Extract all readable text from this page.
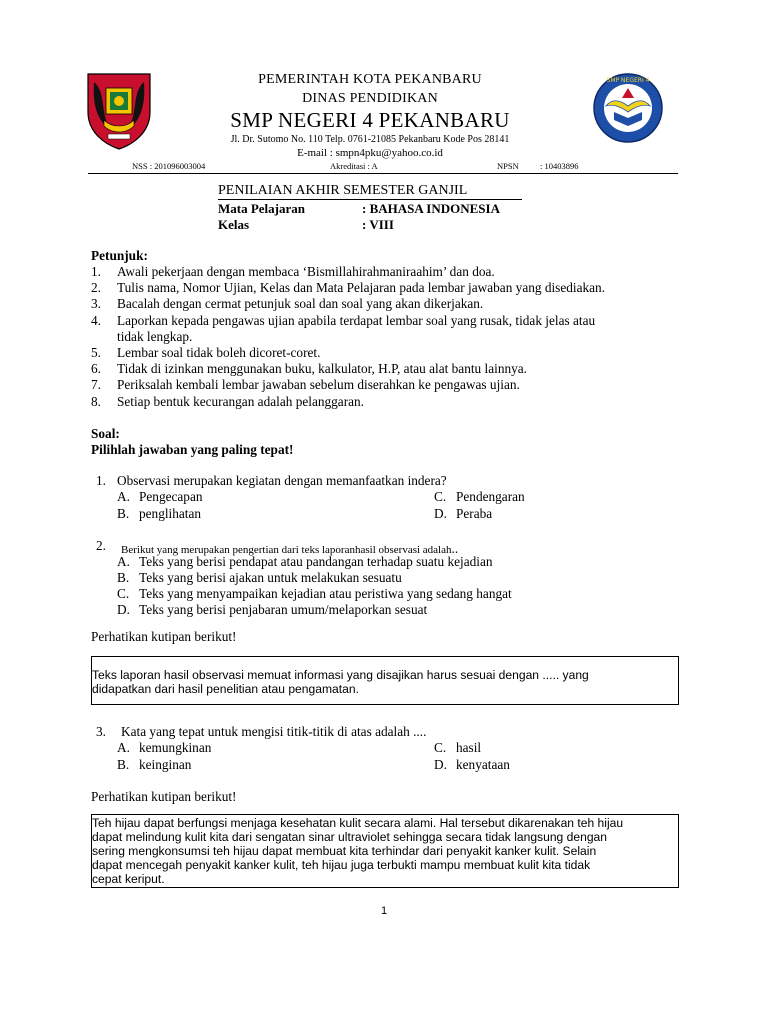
SMP NEGERI 4
PEMERINTAH KOTA PEKANBARU
DINAS PENDIDIKAN
SMP NEGERI 4 PEKANBARU
Jl. Dr. Sutomo No. 110 Telp. 0761-21085 Pekanbaru Kode Pos 28141
E-mail : smpn4pku@yahoo.co.id
NSS : 201096003004	Akreditasi : A	NPSN	: 10403896
PENILAIAN AKHIR SEMESTER GANJIL
Mata Pelajaran	: BAHASA INDONESIA
Kelas	: VIII
Petunjuk:
1. Awali pekerjaan dengan membaca ‘Bismillahirahmaniraahim’ dan doa.
2. Tulis nama, Nomor Ujian, Kelas dan Mata Pelajaran pada lembar jawaban yang disediakan.
3. Bacalah dengan cermat petunjuk soal dan soal yang akan dikerjakan.
4. Laporkan kepada pengawas ujian apabila terdapat lembar soal yang rusak, tidak jelas atau
tidak lengkap.
5. Lembar soal tidak boleh dicoret-coret.
6. Tidak di izinkan menggunakan buku, kalkulator, H.P, atau alat bantu lainnya.
7. Periksalah kembali lembar jawaban sebelum diserahkan ke pengawas ujian.
8. Setiap bentuk kecurangan adalah pelanggaran.
Soal:
Pilihlah jawaban yang paling tepat!
1. Observasi merupakan kegiatan dengan memanfaatkan indera?
A. Pengecapan
B. penglihatan
C. Pendengaran
D. Peraba
2. Berikut yang merupakan pengertian dari teks laporanhasil observasi adalah..
A. Teks yang berisi pendapat atau pandangan terhadap suatu kejadian
B. Teks yang berisi ajakan untuk melakukan sesuatu
C. Teks yang menyampaikan kejadian atau peristiwa yang sedang hangat
D. Teks yang berisi penjabaran umum/melaporkan sesuat
Perhatikan kutipan berikut!
Teks laporan hasil observasi memuat informasi yang disajikan harus sesuai dengan ..... yang
didapatkan dari hasil penelitian atau pengamatan.
3. Kata yang tepat untuk mengisi titik-titik di atas adalah ....
A. kemungkinan
B. keinginan
C. hasil
D. kenyataan
Perhatikan kutipan berikut!
Teh hijau dapat berfungsi menjaga kesehatan kulit secara alami. Hal tersebut dikarenakan teh hijau
dapat melindung kulit kita dari sengatan sinar ultraviolet sehingga secara tidak langsung dengan
sering mengkonsumsi teh hijau dapat membuat kita terhindar dari penyakit kanker kulit. Selain
dapat mencegah penyakit kanker kulit, teh hijau juga terbukti mampu membuat kulit kita tidak
cepat keriput.
1
